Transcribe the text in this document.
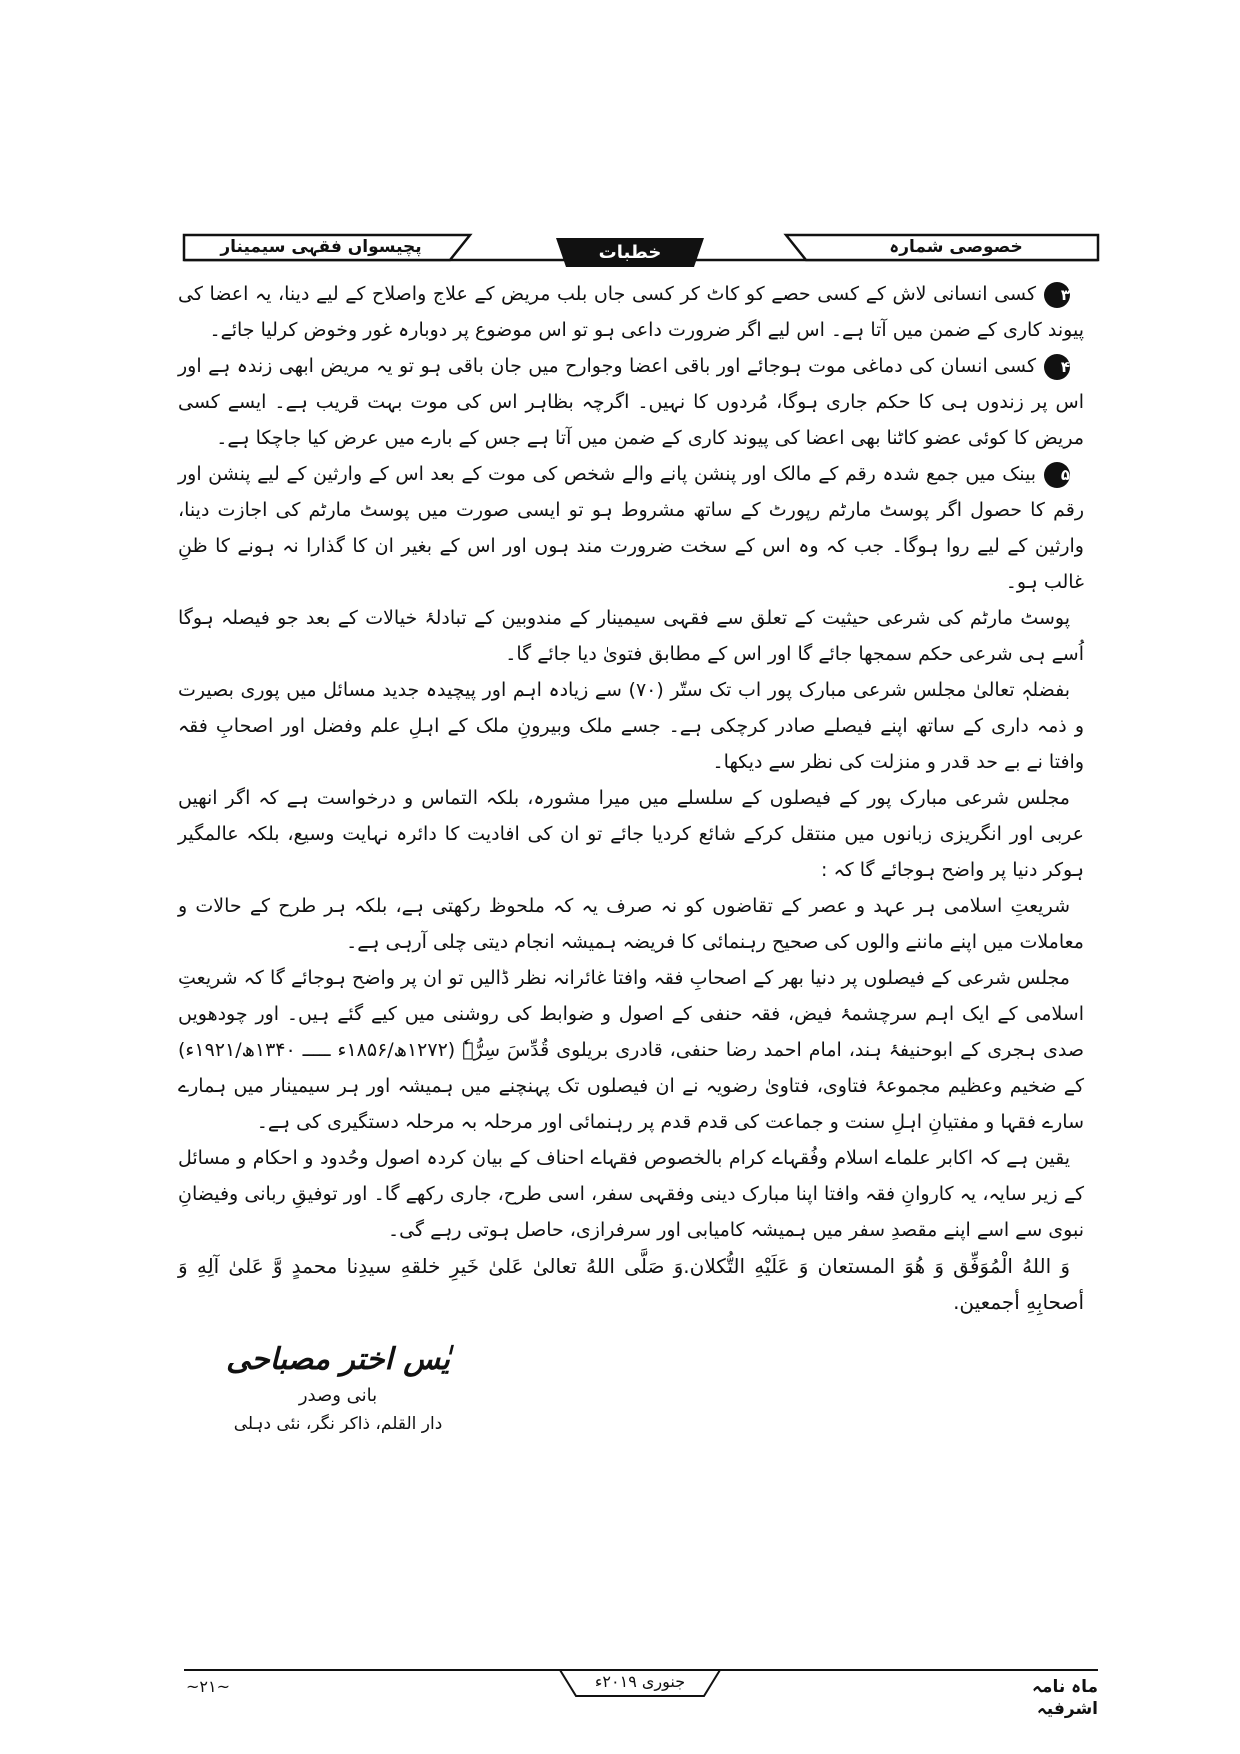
پچیسواں فقہی سیمینار	خطبات	خصوصی شمارہ

۳کسی انسانی لاش کے کسی حصے کو کاٹ کر کسی جاں بلب مریض کے علاج واصلاح کے لیے دینا، یہ اعضا کی پیوند کاری کے ضمن میں آتا ہے۔ اس لیے اگر ضرورت داعی ہو تو اس موضوع پر دوبارہ غور وخوض کرلیا جائے۔

۴کسی انسان کی دماغی موت ہوجائے اور باقی اعضا وجوارح میں جان باقی ہو تو یہ مریض ابھی زندہ ہے اور اس پر زندوں ہی کا حکم جاری ہوگا، مُردوں کا نہیں۔ اگرچہ بظاہر اس کی موت بہت قریب ہے۔ ایسے کسی مریض کا کوئی عضو کاٹنا بھی اعضا کی پیوند کاری کے ضمن میں آتا ہے جس کے بارے میں عرض کیا جاچکا ہے۔

۵بینک میں جمع شدہ رقم کے مالک اور پنشن پانے والے شخص کی موت کے بعد اس کے وارثین کے لیے پنشن اور رقم کا حصول اگر پوسٹ مارٹم رپورٹ کے ساتھ مشروط ہو تو ایسی صورت میں پوسٹ مارٹم کی اجازت دینا، وارثین کے لیے روا ہوگا۔ جب کہ وہ اس کے سخت ضرورت مند ہوں اور اس کے بغیر ان کا گذارا نہ ہونے کا ظنِ غالب ہو۔

پوسٹ مارٹم کی شرعی حیثیت کے تعلق سے فقہی سیمینار کے مندوبین کے تبادلۂ خیالات کے بعد جو فیصلہ ہوگا اُسے ہی شرعی حکم سمجھا جائے گا اور اس کے مطابق فتویٰ دیا جائے گا۔

بفضلہٖ تعالیٰ مجلس شرعی مبارک پور اب تک ستّر (۷۰) سے زیادہ اہم اور پیچیدہ جدید مسائل میں پوری بصیرت و ذمہ داری کے ساتھ اپنے فیصلے صادر کرچکی ہے۔ جسے ملک وبیرونِ ملک کے اہلِ علم وفضل اور اصحابِ فقہ وافتا نے بے حد قدر و منزلت کی نظر سے دیکھا۔

مجلس شرعی مبارک پور کے فیصلوں کے سلسلے میں میرا مشورہ، بلکہ التماس و درخواست ہے کہ اگر انھیں عربی اور انگریزی زبانوں میں منتقل کرکے شائع کردیا جائے تو ان کی افادیت کا دائرہ نہایت وسیع، بلکہ عالمگیر ہوکر دنیا پر واضح ہوجائے گا کہ :

شریعتِ اسلامی ہر عہد و عصر کے تقاضوں کو نہ صرف یہ کہ ملحوظ رکھتی ہے، بلکہ ہر طرح کے حالات و معاملات میں اپنے ماننے والوں کی صحیح رہنمائی کا فریضہ ہمیشہ انجام دیتی چلی آرہی ہے۔

مجلس شرعی کے فیصلوں پر دنیا بھر کے اصحابِ فقہ وافتا غائرانہ نظر ڈالیں تو ان پر واضح ہوجائے گا کہ شریعتِ اسلامی کے ایک اہم سرچشمۂ فیض، فقہ حنفی کے اصول و ضوابط کی روشنی میں کیے گئے ہیں۔ اور چودھویں صدی ہجری کے ابوحنیفۂ ہند، امام احمد رضا حنفی، قادری بریلوی قُدِّسَ سِرُّہٗ (۱۲۷۲ھ/۱۸۵۶ء ـــــ ۱۳۴۰ھ/۱۹۲۱ء) کے ضخیم وعظیم مجموعۂ فتاوی، فتاویٰ رضویہ نے ان فیصلوں تک پہنچنے میں ہمیشہ اور ہر سیمینار میں ہمارے سارے فقہا و مفتیانِ اہلِ سنت و جماعت کی قدم قدم پر رہنمائی اور مرحلہ بہ مرحلہ دستگیری کی ہے۔

یقین ہے کہ اکابر علماے اسلام وفُقہاے کرام بالخصوص فقہاے احناف کے بیان کردہ اصول وحُدود و احکام و مسائل کے زیر سایہ، یہ کاروانِ فقہ وافتا اپنا مبارک دینی وفقہی سفر، اسی طرح، جاری رکھے گا۔ اور توفیقِ ربانی وفیضانِ نبوی سے اسے اپنے مقصدِ سفر میں ہمیشہ کامیابی اور سرفرازی، حاصل ہوتی رہے گی۔

وَ اللهُ الْمُوَفِّق وَ هُوَ المستعان وَ عَلَيْهِ التُّكلان.وَ صَلَّى اللهُ تعالىٰ عَلىٰ خَيرِ خلقهِ سيدِنا محمدٍ وَّ عَلىٰ آلِهِ وَ أصحابِهِ أجمعين.

یٰس اختر مصباحی
بانی وصدر
دار القلم، ذاکر نگر، نئی دہلی
ماہ نامہ اشرفیہ
جنوری ۲۰۱۹ء
~۲۱~
